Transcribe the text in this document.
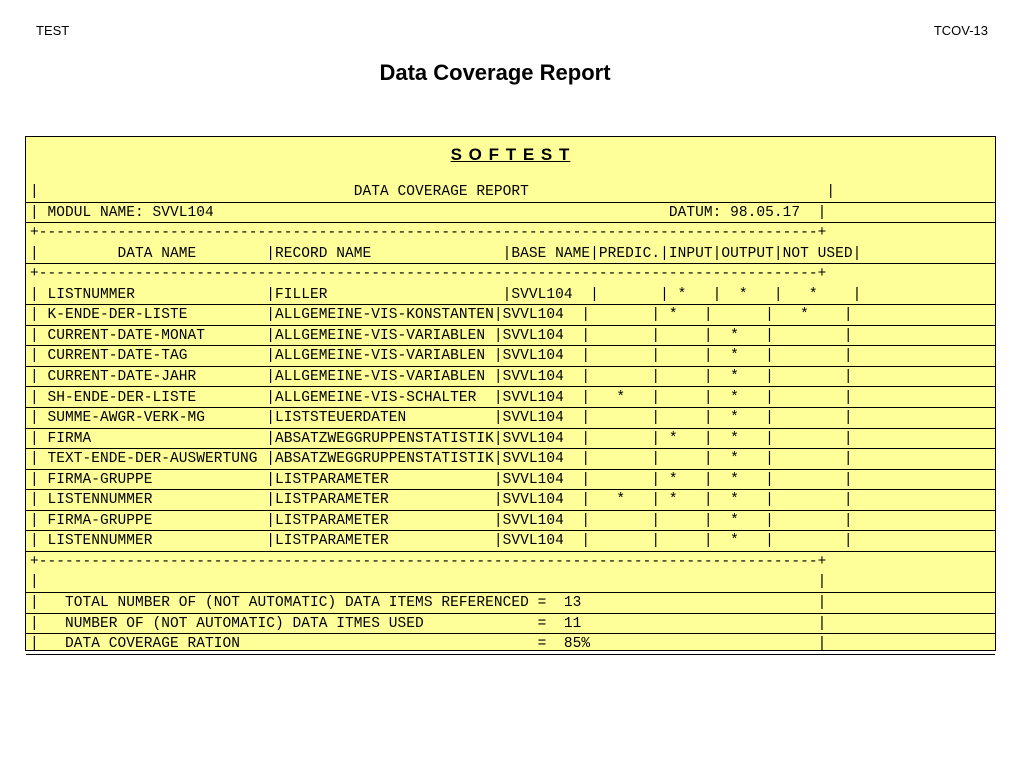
TEST	TCOV-13
Data Coverage Report
S O F T E S T
|                                    DATA COVERAGE REPORT                                  |
| MODUL NAME: SVVL104                                                    DATUM: 98.05.17  |
+-----------------------------------------------------------------------------------------+
|         DATA NAME        |RECORD NAME               |BASE NAME|PREDIC.|INPUT|OUTPUT|NOT USED|
+-----------------------------------------------------------------------------------------+
| LISTNUMMER               |FILLER                    |SVVL104  |       | *   |  *   |   *    |
| K-ENDE-DER-LISTE         |ALLGEMEINE-VIS-KONSTANTEN|SVVL104  |       | *   |      |   *    |
| CURRENT-DATE-MONAT       |ALLGEMEINE-VIS-VARIABLEN |SVVL104  |       |     |  *   |        |
| CURRENT-DATE-TAG         |ALLGEMEINE-VIS-VARIABLEN |SVVL104  |       |     |  *   |        |
| CURRENT-DATE-JAHR        |ALLGEMEINE-VIS-VARIABLEN |SVVL104  |       |     |  *   |        |
| SH-ENDE-DER-LISTE        |ALLGEMEINE-VIS-SCHALTER  |SVVL104  |   *   |     |  *   |        |
| SUMME-AWGR-VERK-MG       |LISTSTEUERDATEN          |SVVL104  |       |     |  *   |        |
| FIRMA                    |ABSATZWEGGRUPPENSTATISTIK|SVVL104  |       | *   |  *   |        |
| TEXT-ENDE-DER-AUSWERTUNG |ABSATZWEGGRUPPENSTATISTIK|SVVL104  |       |     |  *   |        |
| FIRMA-GRUPPE             |LISTPARAMETER            |SVVL104  |       | *   |  *   |        |
| LISTENNUMMER             |LISTPARAMETER            |SVVL104  |   *   | *   |  *   |        |
| FIRMA-GRUPPE             |LISTPARAMETER            |SVVL104  |       |     |  *   |        |
| LISTENNUMMER             |LISTPARAMETER            |SVVL104  |       |     |  *   |        |
+-----------------------------------------------------------------------------------------+
|                                                                                         |
|   TOTAL NUMBER OF (NOT AUTOMATIC) DATA ITEMS REFERENCED =  13                           |
|   NUMBER OF (NOT AUTOMATIC) DATA ITMES USED             =  11                           |
|   DATA COVERAGE RATION                                  =  85%                          |
